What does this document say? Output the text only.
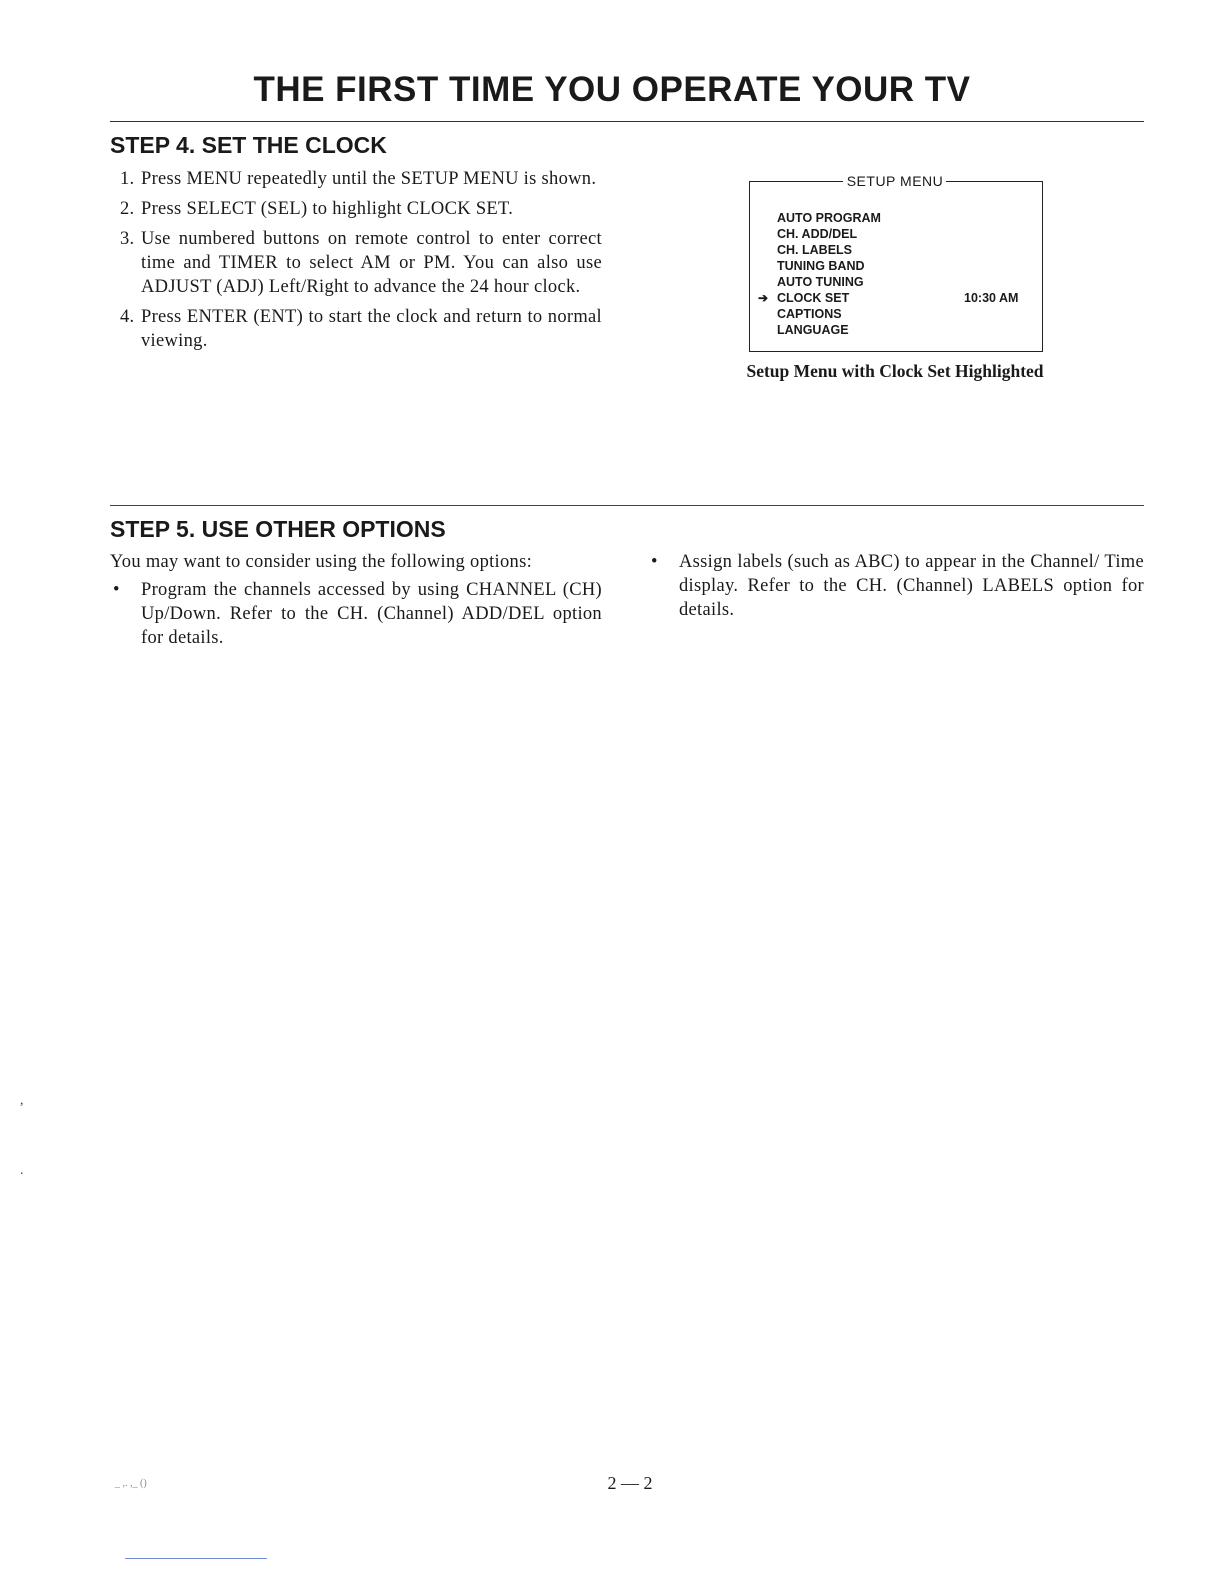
THE FIRST TIME YOU OPERATE YOUR TV
STEP 4. SET THE CLOCK
1. Press MENU repeatedly until the SETUP MENU is shown.
2. Press SELECT (SEL) to highlight CLOCK SET.
3. Use numbered buttons on remote control to enter correct time and TIMER to select AM or PM. You can also use ADJUST (ADJ) Left/Right to advance the 24 hour clock.
4. Press ENTER (ENT) to start the clock and return to normal viewing.
SETUP MENU
AUTO PROGRAM
CH. ADD/DEL
CH. LABELS
TUNING BAND
AUTO TUNING
➔ CLOCK SET	10:30 AM
CAPTIONS
LANGUAGE

Setup Menu with Clock Set Highlighted

STEP 5. USE OTHER OPTIONS
You may want to consider using the following options:
• Program the channels accessed by using CHANNEL (CH) Up/Down. Refer to the CH. (Channel) ADD/DEL option for details.
• Assign labels (such as ABC) to appear in the Channel/ Time display. Refer to the CH. (Channel) LABELS option for details.
,
.
_ ,. ,_ ()	2 — 2
